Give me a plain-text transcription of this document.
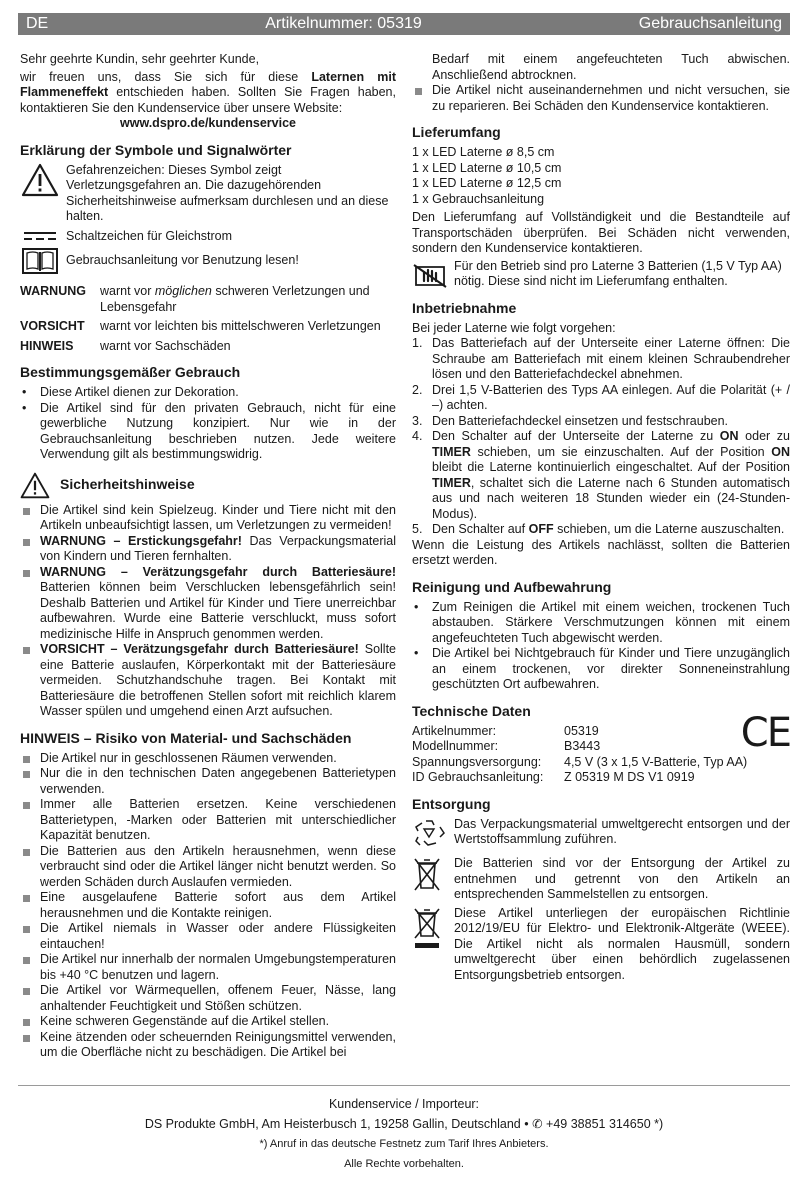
DE	Artikelnummer: 05319	Gebrauchsanleitung

Sehr geehrte Kundin, sehr geehrter Kunde,

wir freuen uns, dass Sie sich für diese Laternen mit Flammeneffekt entschieden haben. Sollten Sie Fragen haben, kontaktieren Sie den Kundenservice über unsere Website:

www.dspro.de/kundenservice

Erklärung der Symbole und Signalwörter
Gefahrenzeichen: Dieses Symbol zeigt Verletzungsgefahren an. Die dazugehörenden Sicherheitshinweise aufmerksam durchlesen und an diese halten.
Schaltzeichen für Gleichstrom
Gebrauchsanleitung vor Benutzung lesen!
WARNUNG	warnt vor möglichen schweren Verletzungen und Lebensgefahr
VORSICHT	warnt vor leichten bis mittelschweren Verletzungen
HINWEIS	warnt vor Sachschäden
Bestimmungsgemäßer Gebrauch
• Diese Artikel dienen zur Dekoration.
• Die Artikel sind für den privaten Gebrauch, nicht für eine gewerbliche Nutzung konzipiert. Nur wie in der Gebrauchsanleitung beschrieben nutzen. Jede weitere Verwendung gilt als bestimmungswidrig.
Sicherheitshinweise
Die Artikel sind kein Spielzeug. Kinder und Tiere nicht mit den Artikeln unbeaufsichtigt lassen, um Verletzungen zu vermeiden!
WARNUNG – Erstickungsgefahr! Das Verpackungsmaterial von Kindern und Tieren fernhalten.
WARNUNG – Verätzungsgefahr durch Batteriesäure! Batterien können beim Verschlucken lebensgefährlich sein! Deshalb Batterien und Artikel für Kinder und Tiere unerreichbar aufbewahren. Wurde eine Batterie verschluckt, muss sofort medizinische Hilfe in Anspruch genommen werden.
VORSICHT – Verätzungsgefahr durch Batteriesäure! Sollte eine Batterie auslaufen, Körperkontakt mit der Batteriesäure vermeiden. Schutzhandschuhe tragen. Bei Kontakt mit Batteriesäure die betroffenen Stellen sofort mit reichlich klarem Wasser spülen und umgehend einen Arzt aufsuchen.
HINWEIS – Risiko von Material- und Sachschäden
Die Artikel nur in geschlossenen Räumen verwenden.
Nur die in den technischen Daten angegebenen Batterietypen verwenden.
Immer alle Batterien ersetzen. Keine verschiedenen Batterietypen, -Marken oder Batterien mit unterschiedlicher Kapazität benutzen.
Die Batterien aus den Artikeln herausnehmen, wenn diese verbraucht sind oder die Artikel länger nicht benutzt werden. So werden Schäden durch Auslaufen vermieden.
Eine ausgelaufene Batterie sofort aus dem Artikel herausnehmen und die Kontakte reinigen.
Die Artikel niemals in Wasser oder andere Flüssigkeiten eintauchen!
Die Artikel nur innerhalb der normalen Umgebungstemperaturen bis +40 °C benutzen und lagern.
Die Artikel vor Wärmequellen, offenem Feuer, Nässe, lang anhaltender Feuchtigkeit und Stößen schützen.
Keine schweren Gegenstände auf die Artikel stellen.
Keine ätzenden oder scheuernden Reinigungsmittel verwenden, um die Oberfläche nicht zu beschädigen. Die Artikel bei
Bedarf mit einem angefeuchteten Tuch abwischen. Anschließend abtrocknen.
Die Artikel nicht auseinandernehmen und nicht versuchen, sie zu reparieren. Bei Schäden den Kundenservice kontaktieren.
Lieferumfang

1 x LED Laterne ø 8,5 cm

1 x LED Laterne ø 10,5 cm

1 x LED Laterne ø 12,5 cm

1 x Gebrauchsanleitung

Den Lieferumfang auf Vollständigkeit und die Bestandteile auf Transportschäden überprüfen. Bei Schäden nicht verwenden, sondern den Kundenservice kontaktieren.

Für den Betrieb sind pro Laterne 3 Batterien (1,5 V Typ AA) nötig. Diese sind nicht im Lieferumfang enthalten.

Inbetriebnahme

Bei jeder Laterne wie folgt vorgehen:

1. Das Batteriefach auf der Unterseite einer Laterne öffnen: Die Schraube am Batteriefach mit einem kleinen Schraubendreher lösen und den Batteriefachdeckel abnehmen.
2. Drei 1,5 V-Batterien des Typs AA einlegen. Auf die Polarität (+ / –) achten.
3. Den Batteriefachdeckel einsetzen und festschrauben.
4. Den Schalter auf der Unterseite der Laterne zu ON oder zu TIMER schieben, um sie einzuschalten. Auf der Position ON bleibt die Laterne kontinuierlich eingeschaltet. Auf der Position TIMER, schaltet sich die Laterne nach 6 Stunden automatisch aus und nach weiteren 18 Stunden wieder ein (24-Stunden-Modus).
5. Den Schalter auf OFF schieben, um die Laterne auszuschalten.

Wenn die Leistung des Artikels nachlässt, sollten die Batterien ersetzt werden.

Reinigung und Aufbewahrung
• Zum Reinigen die Artikel mit einem weichen, trockenen Tuch abstauben. Stärkere Verschmutzungen können mit einem angefeuchteten Tuch abgewischt werden.
• Die Artikel bei Nichtgebrauch für Kinder und Tiere unzugänglich an einem trockenen, vor direkter Sonneneinstrahlung geschützten Ort aufbewahren.
Technische Daten
Artikelnummer:	05319
Modellnummer:	B3443
Spannungsversorgung:	4,5 V (3 x 1,5 V-Batterie, Typ AA)
ID Gebrauchsanleitung:	Z 05319 M DS V1 0919
CE
Entsorgung
Das Verpackungsmaterial umweltgerecht entsorgen und der Wertstoffsammlung zuführen.
Die Batterien sind vor der Entsorgung der Artikel zu entnehmen und getrennt von den Artikeln an entsprechenden Sammelstellen zu entsorgen.
Diese Artikel unterliegen der europäischen Richtlinie 2012/19/EU für Elektro- und Elektronik-Altgeräte (WEEE). Die Artikel nicht als normalen Hausmüll, sondern umweltgerecht über einen behördlich zugelassenen Entsorgungsbetrieb entsorgen.
Kundenservice / Importeur:
DS Produkte GmbH, Am Heisterbusch 1, 19258 Gallin, Deutschland • ✆ +49 38851 314650 *)
*) Anruf in das deutsche Festnetz zum Tarif Ihres Anbieters.
Alle Rechte vorbehalten.
